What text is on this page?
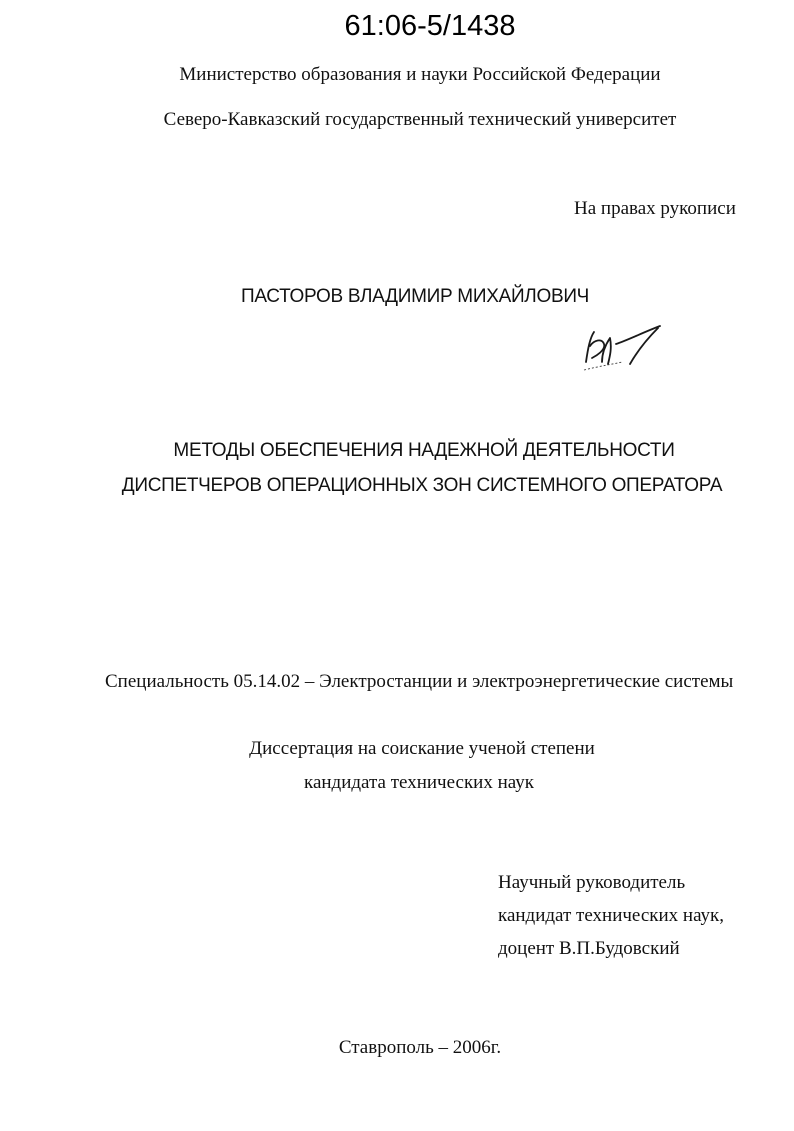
61:06-5/1438
Министерство образования и науки Российской Федерации
Северо-Кавказский государственный технический университет
На правах рукописи
ПАСТОРОВ ВЛАДИМИР МИХАЙЛОВИЧ
МЕТОДЫ ОБЕСПЕЧЕНИЯ НАДЕЖНОЙ ДЕЯТЕЛЬНОСТИ
ДИСПЕТЧЕРОВ ОПЕРАЦИОННЫХ ЗОН СИСТЕМНОГО ОПЕРАТОРА
Специальность 05.14.02 – Электростанции и электроэнергетические системы
Диссертация на соискание ученой степени
кандидата технических наук
Научный руководитель
кандидат технических наук,
доцент В.П.Будовский
Ставрополь – 2006г.
